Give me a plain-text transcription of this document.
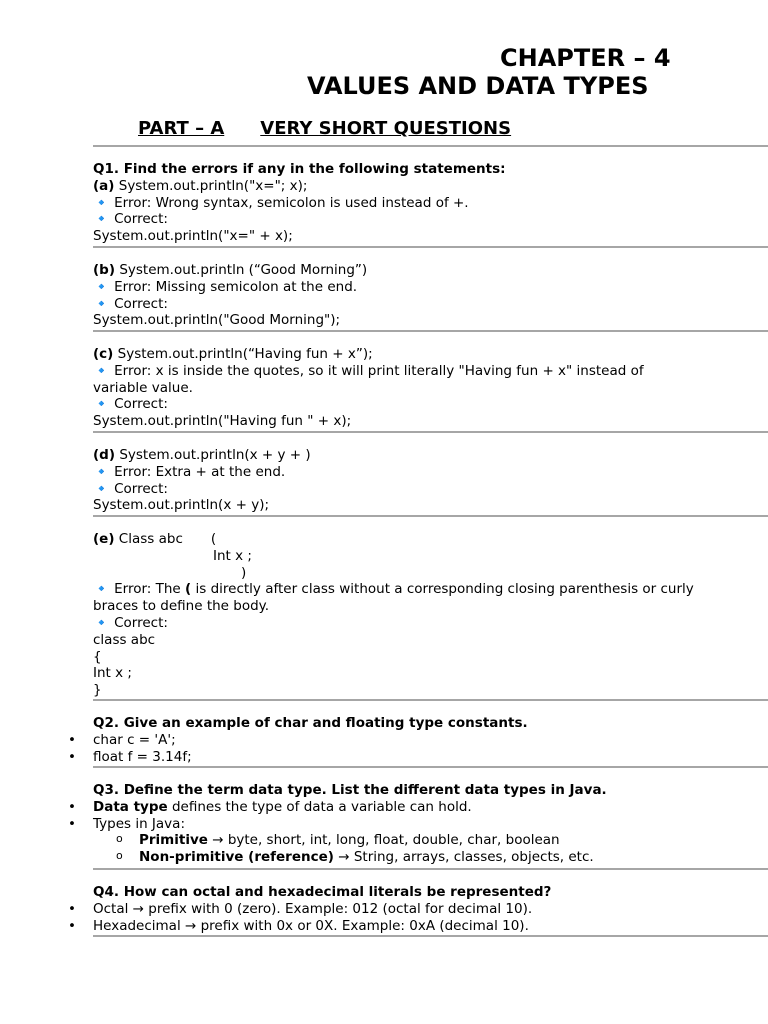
CHAPTER – 4
VALUES AND DATA TYPES
PART – A VERY SHORT QUESTIONS
Q1. Find the errors if any in the following statements:
(a) System.out.println("x="; x);
🔹 Error: Wrong syntax, semicolon is used instead of +.
🔹 Correct:
System.out.println("x=" + x);
(b) System.out.println (“Good Morning”)
🔹 Error: Missing semicolon at the end.
🔹 Correct:
System.out.println("Good Morning");
(c) System.out.println(“Having fun + x”);
🔹 Error: x is inside the quotes, so it will print literally "Having fun + x" instead of variable value.
🔹 Correct:
System.out.println("Having fun " + x);
(d) System.out.println(x + y + )
🔹 Error: Extra + at the end.
🔹 Correct:
System.out.println(x + y);
(e) Class abc (
Int x ;
)
🔹 Error: The ( is directly after class without a corresponding closing parenthesis or curly braces to define the body.
🔹 Correct:
class abc
{
Int x ;
}
Q2. Give an example of char and floating type constants.
• char c = 'A';
• float f = 3.14f;
Q3. Define the term data type. List the different data types in Java.
• Data type defines the type of data a variable can hold.
• Types in Java:
o Primitive → byte, short, int, long, float, double, char, boolean
o Non-primitive (reference) → String, arrays, classes, objects, etc.
Q4. How can octal and hexadecimal literals be represented?
• Octal → prefix with 0 (zero). Example: 012 (octal for decimal 10).
• Hexadecimal → prefix with 0x or 0X. Example: 0xA (decimal 10).
